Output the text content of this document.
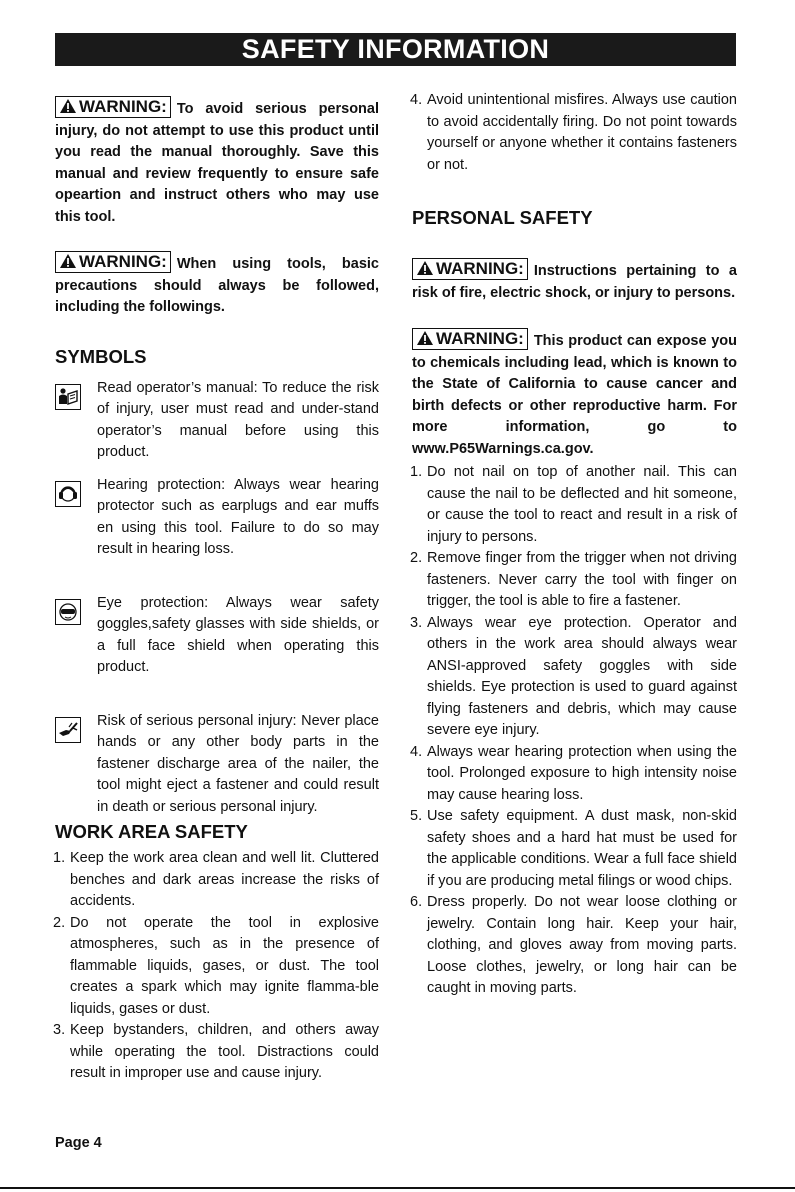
SAFETY INFORMATION
WARNING: To avoid serious personal injury, do not attempt to use this product until you read the manual thoroughly. Save this manual and review frequently to ensure safe opeartion and instruct others who may use this tool.
WARNING: When using tools, basic precautions should always be followed, including the followings.
SYMBOLS
Read operator’s manual: To reduce the risk of injury, user must read and under-stand operator’s manual before using this product.
Hearing protection: Always wear hearing protector such as earplugs and ear muffs en using this tool. Failure to do so may result in hearing loss.
Eye protection: Always wear safety goggles,safety glasses with side shields, or a full face shield when operating this product.
Risk of serious personal injury: Never place hands or any other body parts in the fastener discharge area of the nailer, the tool might eject a fastener and could result in death or serious personal injury.
WORK AREA SAFETY
1. Keep the work area clean and well lit. Cluttered benches and dark areas increase the risks of accidents.
2. Do not operate the tool in explosive atmospheres, such as in the presence of flammable liquids, gases, or dust. The tool creates a spark which may ignite flamma-ble liquids, gases or dust.
3. Keep bystanders, children, and others away while operating the tool. Distractions could result in improper use and cause injury.
4. Avoid unintentional misfires. Always use caution to avoid accidentally firing. Do not point towards yourself or anyone whether it contains fasteners or not.
PERSONAL SAFETY
WARNING: Instructions pertaining to a risk of fire, electric shock, or injury to persons.
WARNING: This product can expose you to chemicals including lead, which is known to the State of California to cause cancer and birth defects or other reproductive harm. For more information, go to www.P65Warnings.ca.gov.
1. Do not nail on top of another nail. This can cause the nail to be deflected and hit someone, or cause the tool to react and result in a risk of injury to persons.
2. Remove finger from the trigger when not driving fasteners. Never carry the tool with finger on trigger, the tool is able to fire a fastener.
3. Always wear eye protection. Operator and others in the work area should always wear ANSI-approved safety goggles with side shields. Eye protection is used to guard against flying fasteners and debris, which may cause severe eye injury.
4. Always wear hearing protection when using the tool. Prolonged exposure to high intensity noise may cause hearing loss.
5. Use safety equipment. A dust mask, non-skid safety shoes and a hard hat must be used for the applicable conditions. Wear a full face shield if you are producing metal filings or wood chips.
6. Dress properly. Do not wear loose clothing or jewelry. Contain long hair. Keep your hair, clothing, and gloves away from moving parts. Loose clothes, jewelry, or long hair can be caught in moving parts.
Page 4
